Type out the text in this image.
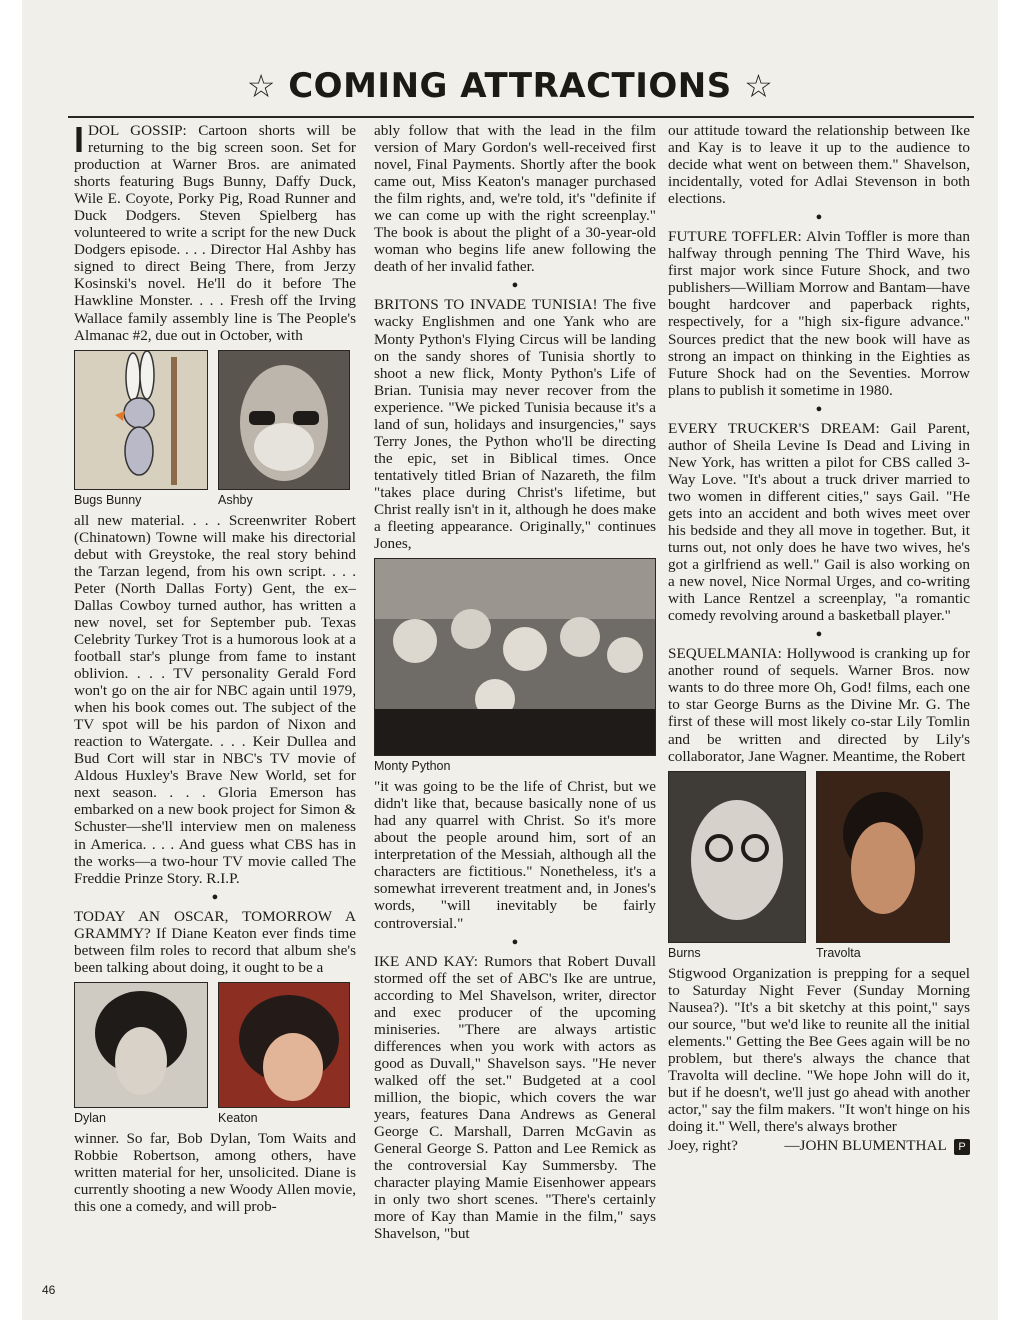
☆ COMING ATTRACTIONS ☆

IDOL GOSSIP: Cartoon shorts will be returning to the big screen soon. Set for production at Warner Bros. are animated shorts featuring Bugs Bunny, Daffy Duck, Wile E. Coyote, Porky Pig, Road Runner and Duck Dodgers. Steven Spielberg has volunteered to write a script for the new Duck Dodgers episode. . . . Director Hal Ashby has signed to direct Being There, from Jerzy Kosinski's novel. He'll do it before The Hawkline Monster. . . . Fresh off the Irving Wallace family assembly line is The People's Almanac #2, due out in October, with

Bugs Bunny	Ashby

all new material. . . . Screenwriter Robert (Chinatown) Towne will make his directorial debut with Greystoke, the real story behind the Tarzan legend, from his own script. . . . Peter (North Dallas Forty) Gent, the ex–Dallas Cowboy turned author, has written a new novel, set for September pub. Texas Celebrity Turkey Trot is a humorous look at a football star's plunge from fame to instant oblivion. . . . TV personality Gerald Ford won't go on the air for NBC again until 1979, when his book comes out. The subject of the TV spot will be his pardon of Nixon and reaction to Watergate. . . . Keir Dullea and Bud Cort will star in NBC's TV movie of Aldous Huxley's Brave New World, set for next season. . . . Gloria Emerson has embarked on a new book project for Simon & Schuster—she'll interview men on maleness in America. . . . And guess what CBS has in the works—a two-hour TV movie called The Freddie Prinze Story. R.I.P.

●

TODAY AN OSCAR, TOMORROW A GRAMMY? If Diane Keaton ever finds time between film roles to record that album she's been talking about doing, it ought to be a

Dylan	Keaton

winner. So far, Bob Dylan, Tom Waits and Robbie Robertson, among others, have written material for her, unsolicited. Diane is currently shooting a new Woody Allen movie, this one a comedy, and will prob-

ably follow that with the lead in the film version of Mary Gordon's well-received first novel, Final Payments. Shortly after the book came out, Miss Keaton's manager purchased the film rights, and, we're told, it's "definite if we can come up with the right screenplay." The book is about the plight of a 30-year-old woman who begins life anew following the death of her invalid father.

●

BRITONS TO INVADE TUNISIA! The five wacky Englishmen and one Yank who are Monty Python's Flying Circus will be landing on the sandy shores of Tunisia shortly to shoot a new flick, Monty Python's Life of Brian. Tunisia may never recover from the experience. "We picked Tunisia because it's a land of sun, holidays and insurgencies," says Terry Jones, the Python who'll be directing the epic, set in Biblical times. Once tentatively titled Brian of Nazareth, the film "takes place during Christ's lifetime, but Christ really isn't in it, although he does make a fleeting appearance. Originally," continues Jones,

Monty Python

"it was going to be the life of Christ, but we didn't like that, because basically none of us had any quarrel with Christ. So it's more about the people around him, sort of an interpretation of the Messiah, although all the characters are fictitious." Nonetheless, it's a somewhat irreverent treatment and, in Jones's words, "will inevitably be fairly controversial."

●

IKE AND KAY: Rumors that Robert Duvall stormed off the set of ABC's Ike are untrue, according to Mel Shavelson, writer, director and exec producer of the upcoming miniseries. "There are always artistic differences when you work with actors as good as Duvall," Shavelson says. "He never walked off the set." Budgeted at a cool million, the biopic, which covers the war years, features Dana Andrews as General George C. Marshall, Darren McGavin as General George S. Patton and Lee Remick as the controversial Kay Summersby. The character playing Mamie Eisenhower appears in only two short scenes. "There's certainly more of Kay than Mamie in the film," says Shavelson, "but

our attitude toward the relationship between Ike and Kay is to leave it up to the audience to decide what went on between them." Shavelson, incidentally, voted for Adlai Stevenson in both elections.

●

FUTURE TOFFLER: Alvin Toffler is more than halfway through penning The Third Wave, his first major work since Future Shock, and two publishers—William Morrow and Bantam—have bought hardcover and paperback rights, respectively, for a "high six-figure advance." Sources predict that the new book will have as strong an impact on thinking in the Eighties as Future Shock had on the Seventies. Morrow plans to publish it sometime in 1980.

●

EVERY TRUCKER'S DREAM: Gail Parent, author of Sheila Levine Is Dead and Living in New York, has written a pilot for CBS called 3-Way Love. "It's about a truck driver married to two women in different cities," says Gail. "He gets into an accident and both wives meet over his bedside and they all move in together. But, it turns out, not only does he have two wives, he's got a girlfriend as well." Gail is also working on a new novel, Nice Normal Urges, and co-writing with Lance Rentzel a screenplay, "a romantic comedy revolving around a basketball player."

●

SEQUELMANIA: Hollywood is cranking up for another round of sequels. Warner Bros. now wants to do three more Oh, God! films, each one to star George Burns as the Divine Mr. G. The first of these will most likely co-star Lily Tomlin and be written and directed by Lily's collaborator, Jane Wagner. Meantime, the Robert

Burns	Travolta

Stigwood Organization is prepping for a sequel to Saturday Night Fever (Sunday Morning Nausea?). "It's a bit sketchy at this point," says our source, "but we'd like to reunite all the initial elements." Getting the Bee Gees again will be no problem, but there's always the chance that Travolta will decline. "We hope John will do it, but if he doesn't, we'll just go ahead with another actor," say the film makers. "It won't hinge on his doing it." Well, there's always brother

Joey, right?	—JOHN BLUMENTHAL P
46
